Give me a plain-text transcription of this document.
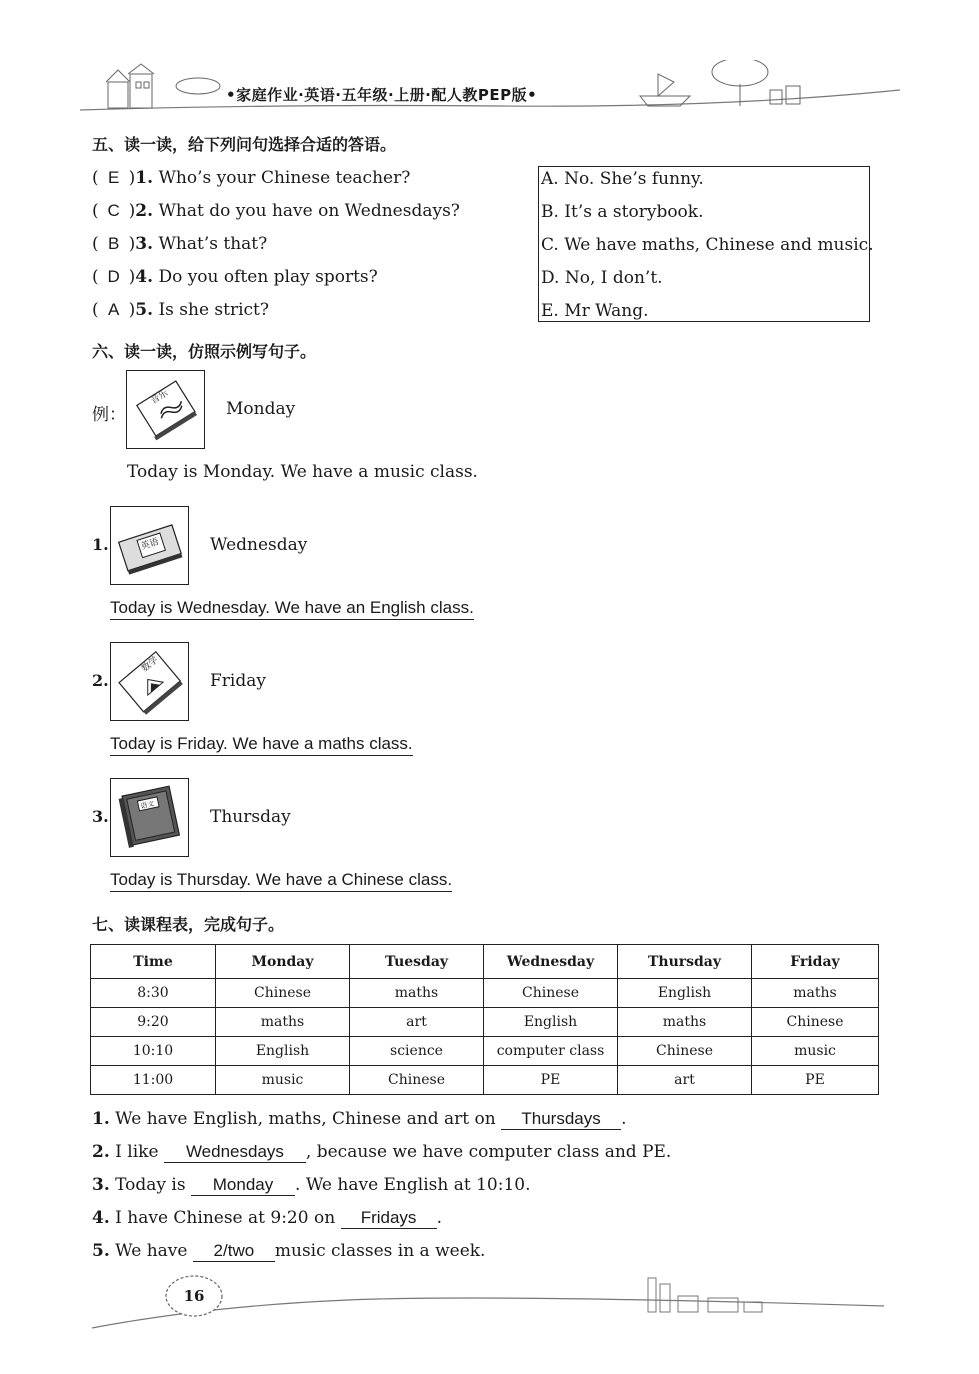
•家庭作业·英语·五年级·上册·配人教PEP版•
五、读一读，给下列问句选择合适的答语。
( E )1. Who’s your Chinese teacher?
( C )2. What do you have on Wednesdays?
( B )3. What’s that?
( D )4. Do you often play sports?
( A )5. Is she strict?
A. No. She’s funny.
B. It’s a storybook.
C. We have maths, Chinese and music.
D. No, I don’t.
E. Mr Wang.
六、读一读，仿照示例写句子。
例：
音乐
Monday
Today is Monday. We have a music class.
1.	英语	Wednesday
Today is Wednesday. We have an English class.
2.
数学
Friday
Today is Friday. We have a maths class.
3.
语文
Thursday
Today is Thursday. We have a Chinese class.
七、读课程表，完成句子。
Time	Monday	Tuesday	Wednesday	Thursday	Friday
8:30	Chinese	maths	Chinese	English	maths
9:20	maths	art	English	maths	Chinese
10:10	English	science	computer class	Chinese	music
11:00	music	Chinese	PE	art	PE
1. We have English, maths, Chinese and art on Thursdays .
2. I like Wednesdays , because we have computer class and PE.
3. Today is Monday . We have English at 10:10.
4. I have Chinese at 9:20 on Fridays .
5. We have 2/two music classes in a week.
16
